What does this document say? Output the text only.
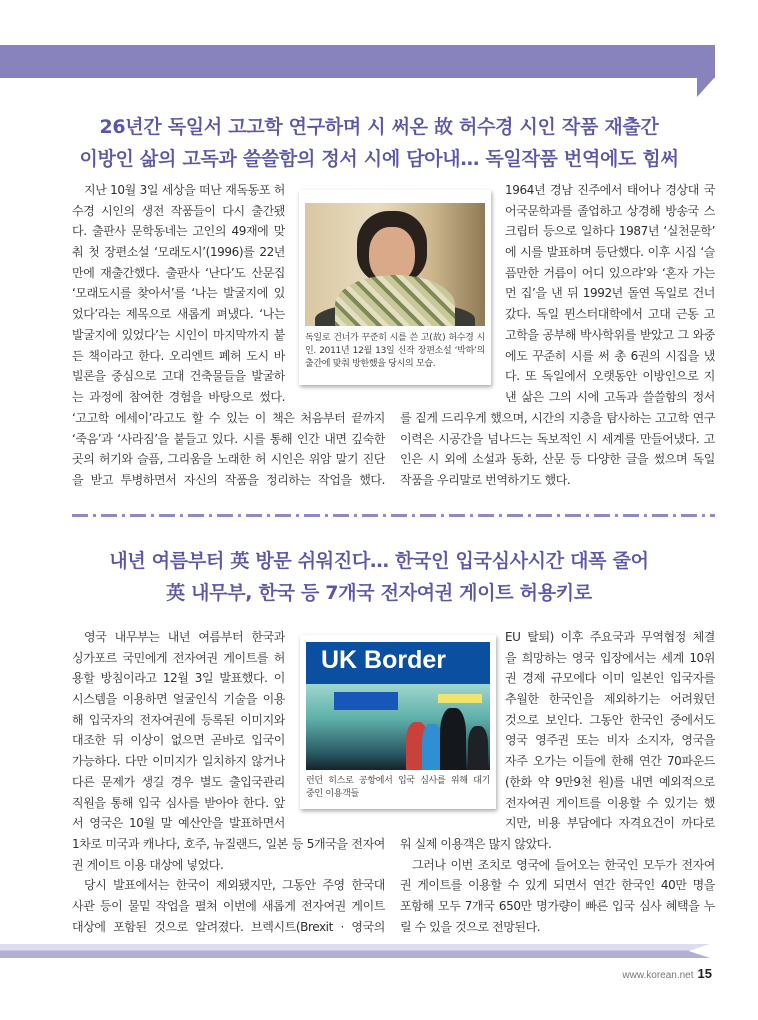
26년간 독일서 고고학 연구하며 시 써온 故 허수경 시인 작품 재출간
이방인 삶의 고독과 쓸쓸함의 정서 시에 담아내… 독일작품 번역에도 힘써
지난 10월 3일 세상을 떠난 재독동포 허
수경 시인의 생전 작품들이 다시 출간됐
다. 출판사 문학동네는 고인의 49재에 맞
춰 첫 장편소설 ‘모래도시’(1996)를 22년
만에 재출간했다. 출판사 ‘난다’도 산문집
‘모래도시를 찾아서’를 ‘나는 발굴지에 있
었다’라는 제목으로 새롭게 펴냈다. ‘나는
발굴지에 있었다’는 시인이 마지막까지 붙
든 책이라고 한다. 오리엔트 폐허 도시 바
빌론을 중심으로 고대 건축물들을 발굴하
는 과정에 참여한 경험을 바탕으로 썼다.
‘고고학 에세이’라고도 할 수 있는 이 책은 처음부터 끝까지
‘죽음’과 ‘사라짐’을 붙들고 있다. 시를 통해 인간 내면 깊숙한
곳의 허기와 슬픔, 그리움을 노래한 허 시인은 위암 말기 진단
을 받고 투병하면서 자신의 작품을 정리하는 작업을 했다.
1964년 경남 진주에서 태어나 경상대 국
어국문학과를 졸업하고 상경해 방송국 스
크립터 등으로 일하다 1987년 ‘실천문학’
에 시를 발표하며 등단했다. 이후 시집 ‘슬
픔만한 거름이 어디 있으랴’와 ‘혼자 가는
먼 집’을 낸 뒤 1992년 돌연 독일로 건너
갔다. 독일 뮌스터대학에서 고대 근동 고
고학을 공부해 박사학위를 받았고 그 와중
에도 꾸준히 시를 써 총 6권의 시집을 냈
다. 또 독일에서 오랫동안 이방인으로 지
낸 삶은 그의 시에 고독과 쓸쓸함의 정서
를 짙게 드리우게 했으며, 시간의 지층을 탐사하는 고고학 연구
이력은 시공간을 넘나드는 독보적인 시 세계를 만들어냈다. 고
인은 시 외에 소설과 동화, 산문 등 다양한 글을 썼으며 독일
작품을 우리말로 번역하기도 했다.
독일로 건너가 꾸준히 시를 쓴 고(故) 허수경 시
인. 2011년 12월 13일 신작 장편소설 ‘박하’의
출간에 맞춰 방한했을 당시의 모습.
내년 여름부터 英 방문 쉬워진다… 한국인 입국심사시간 대폭 줄어
英 내무부, 한국 등 7개국 전자여권 게이트 허용키로
영국 내무부는 내년 여름부터 한국과
싱가포르 국민에게 전자여권 게이트를 허
용할 방침이라고 12월 3일 발표했다. 이
시스템을 이용하면 얼굴인식 기술을 이용
해 입국자의 전자여권에 등록된 이미지와
대조한 뒤 이상이 없으면 곧바로 입국이
가능하다. 다만 이미지가 일치하지 않거나
다른 문제가 생길 경우 별도 출입국관리
직원을 통해 입국 심사를 받아야 한다. 앞
서 영국은 10월 말 예산안을 발표하면서
1차로 미국과 캐나다, 호주, 뉴질랜드, 일본 등 5개국을 전자여
권 게이트 이용 대상에 넣었다.
당시 발표에서는 한국이 제외됐지만, 그동안 주영 한국대
사관 등이 물밑 작업을 펼쳐 이번에 새롭게 전자여권 게이트
대상에 포함된 것으로 알려졌다. 브렉시트(Brexit · 영국의
EU 탈퇴) 이후 주요국과 무역협정 체결
을 희망하는 영국 입장에서는 세계 10위
권 경제 규모에다 이미 일본인 입국자를
추월한 한국인을 제외하기는 어려웠던
것으로 보인다. 그동안 한국인 중에서도
영국 영주권 또는 비자 소지자, 영국을
자주 오가는 이들에 한해 연간 70파운드
(한화 약 9만9천 원)를 내면 예외적으로
전자여권 게이트를 이용할 수 있기는 했
지만, 비용 부담에다 자격요건이 까다로
워 실제 이용객은 많지 않았다.
그러나 이번 조치로 영국에 들어오는 한국인 모두가 전자여
권 게이트를 이용할 수 있게 되면서 연간 한국인 40만 명을
포함해 모두 7개국 650만 명가량이 빠른 입국 심사 혜택을 누
릴 수 있을 것으로 전망된다.
UK Border
런던 히스로 공항에서 입국 심사를 위해 대기
중인 이용객들
www.korean.net 15
